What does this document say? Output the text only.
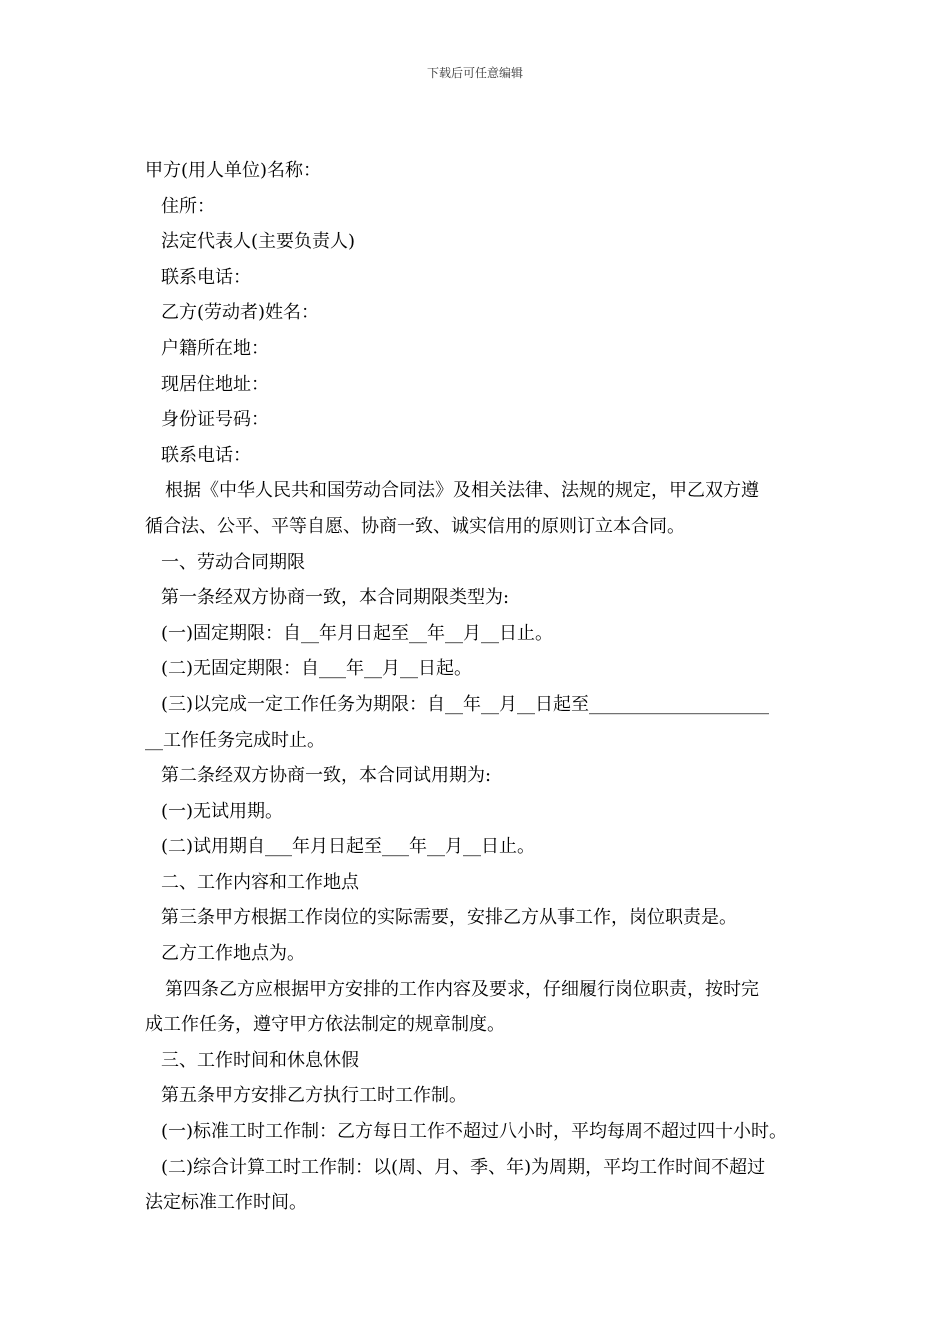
下载后可任意编辑
甲方(用人单位)名称：
住所：
法定代表人(主要负责人)
联系电话：
乙方(劳动者)姓名：
户籍所在地：
现居住地址：
身份证号码：
联系电话：
根据《中华人民共和国劳动合同法》及相关法律、法规的规定，甲乙双方遵
循合法、公平、平等自愿、协商一致、诚实信用的原则订立本合同。
一、劳动合同期限
第一条经双方协商一致，本合同期限类型为:
(一)固定期限：自__年月日起至__年__月__日止。
(二)无固定期限：自___年__月__日起。
(三)以完成一定工作任务为期限：自__年__月__日起至____________________
__工作任务完成时止。
第二条经双方协商一致，本合同试用期为:
(一)无试用期。
(二)试用期自___年月日起至___年__月__日止。
二、工作内容和工作地点
第三条甲方根据工作岗位的实际需要，安排乙方从事工作，岗位职责是。
乙方工作地点为。
第四条乙方应根据甲方安排的工作内容及要求，仔细履行岗位职责，按时完
成工作任务，遵守甲方依法制定的规章制度。
三、工作时间和休息休假
第五条甲方安排乙方执行工时工作制。
(一)标准工时工作制：乙方每日工作不超过八小时，平均每周不超过四十小时。
(二)综合计算工时工作制：以(周、月、季、年)为周期，平均工作时间不超过
法定标准工作时间。
